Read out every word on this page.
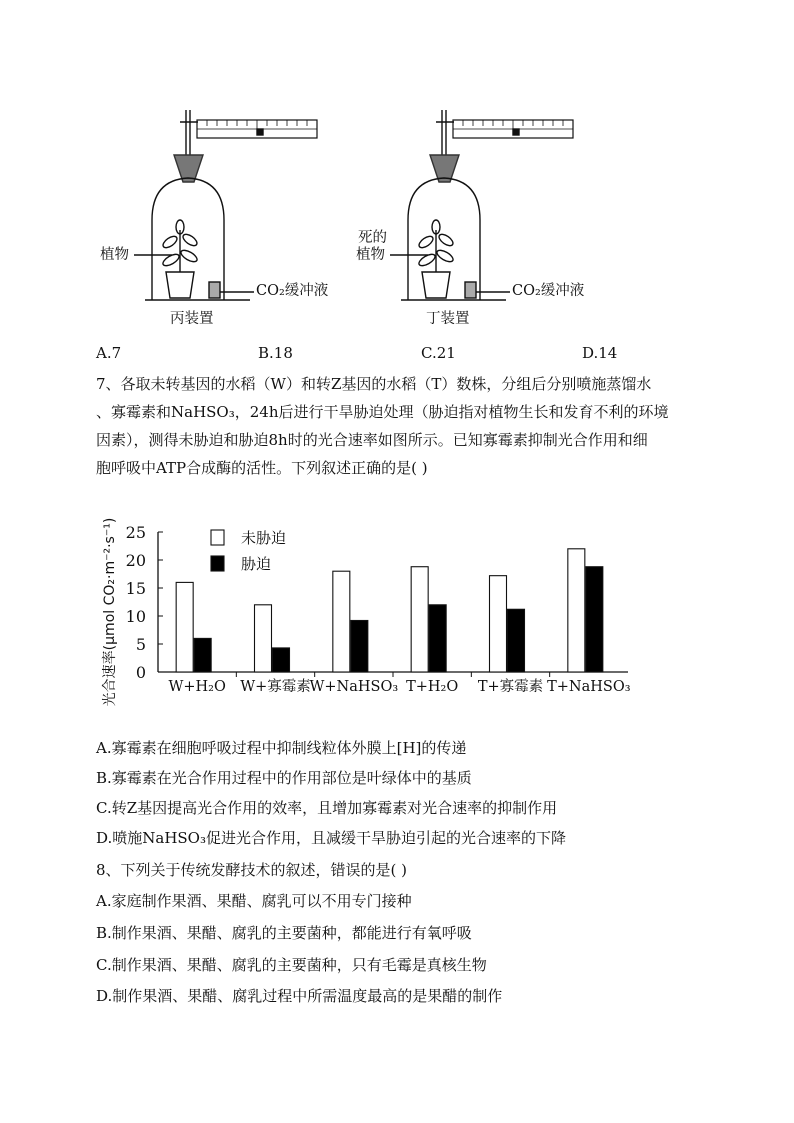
植物
CO₂缓冲液
丙装置
死的
植物
CO₂缓冲液
丁装置
A.7	B.18	C.21	D.14
7、各取未转基因的水稻（W）和转Z基因的水稻（T）数株，分组后分别喷施蒸馏水
、寡霉素和NaHSO₃，24h后进行干旱胁迫处理（胁迫指对植物生长和发育不利的环境
因素），测得未胁迫和胁迫8h时的光合速率如图所示。已知寡霉素抑制光合作用和细
胞呼吸中ATP合成酶的活性。下列叙述正确的是( )
0
5
10
15
20
25
光合速率(μmol CO₂·m⁻²·s⁻¹)	W+H₂O W+寡霉素
W+NaHSO₃ T+H₂O T+寡霉素 T+NaHSO₃
未胁迫
胁迫
A.寡霉素在细胞呼吸过程中抑制线粒体外膜上[H]的传递
B.寡霉素在光合作用过程中的作用部位是叶绿体中的基质
C.转Z基因提高光合作用的效率，且增加寡霉素对光合速率的抑制作用
D.喷施NaHSO₃促进光合作用，且减缓干旱胁迫引起的光合速率的下降
8、下列关于传统发酵技术的叙述，错误的是( )
A.家庭制作果酒、果醋、腐乳可以不用专门接种
B.制作果酒、果醋、腐乳的主要菌种，都能进行有氧呼吸
C.制作果酒、果醋、腐乳的主要菌种，只有毛霉是真核生物
D.制作果酒、果醋、腐乳过程中所需温度最高的是果醋的制作
